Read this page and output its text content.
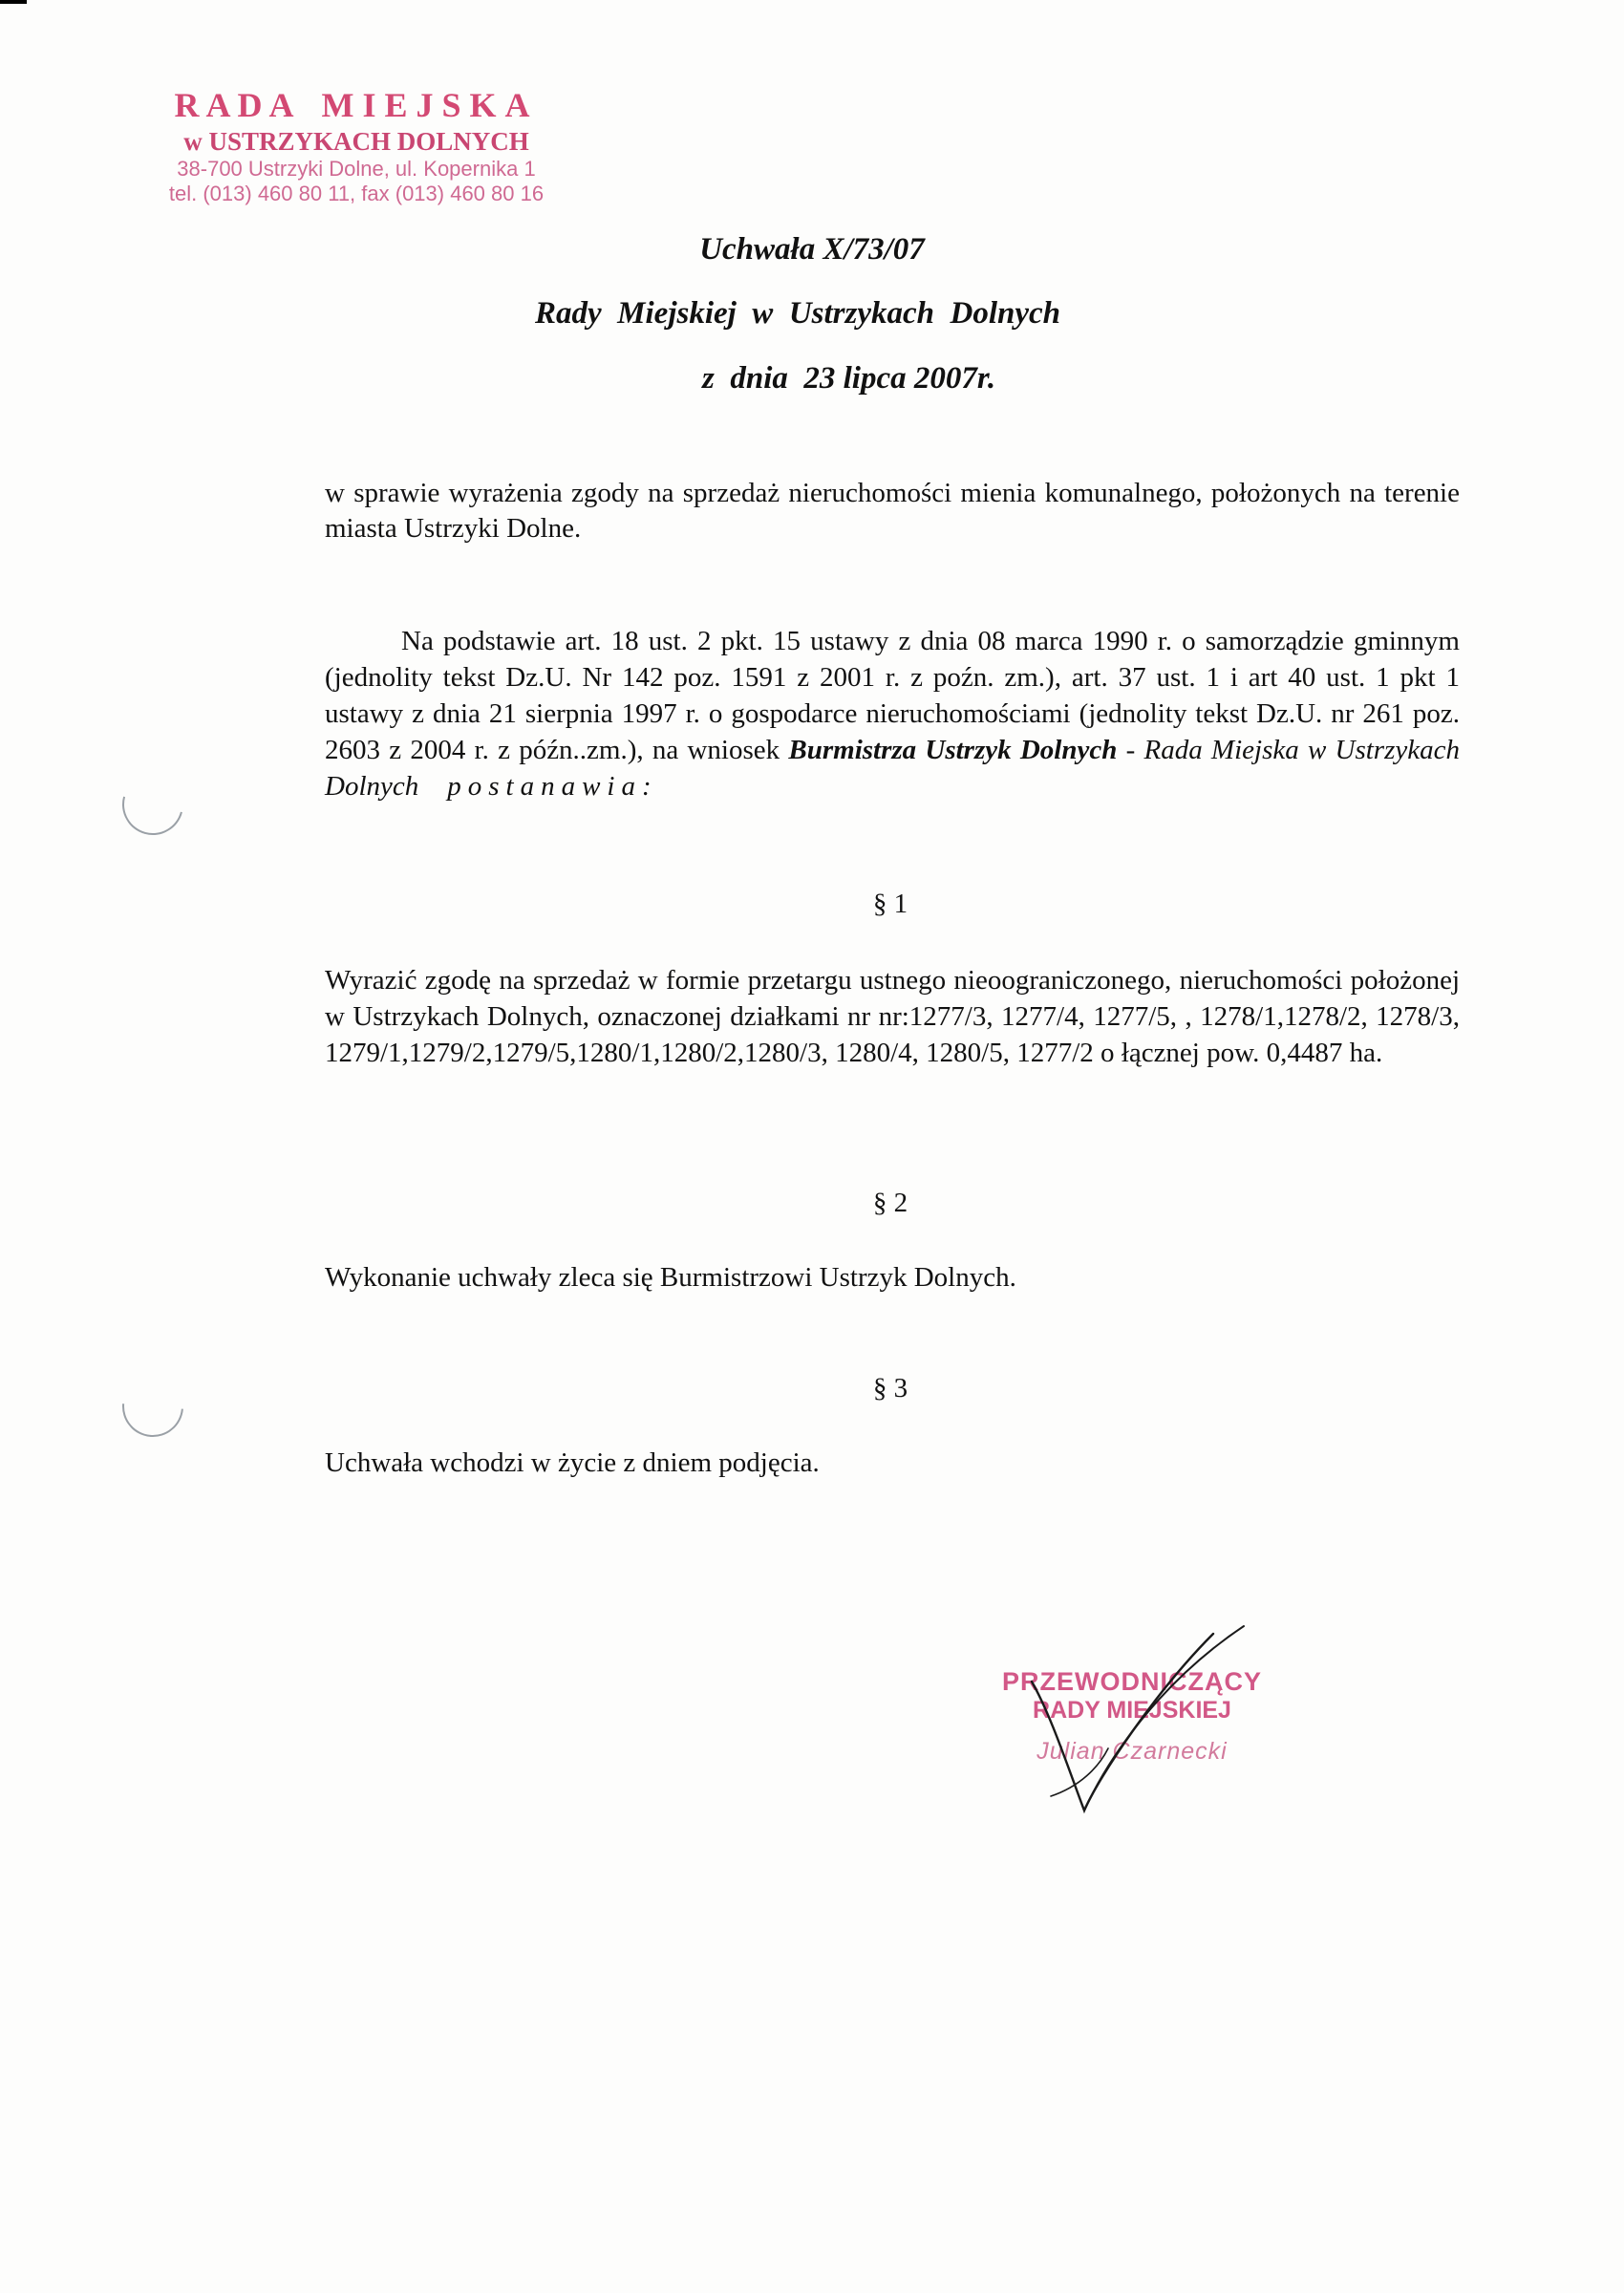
RADA MIEJSKA
w USTRZYKACH DOLNYCH
38-700 Ustrzyki Dolne, ul. Kopernika 1
tel. (013) 460 80 11, fax (013) 460 80 16
Uchwała X/73/07
Rady  Miejskiej  w  Ustrzykach  Dolnych
z  dnia  23 lipca 2007r.
w sprawie wyrażenia zgody na sprzedaż nieruchomości mienia komunalnego, położonych na terenie miasta Ustrzyki Dolne.
Na podstawie art. 18 ust. 2 pkt. 15 ustawy z dnia 08 marca 1990 r. o samorządzie gminnym (jednolity tekst Dz.U. Nr 142 poz. 1591 z 2001 r. z poźn. zm.), art. 37 ust. 1 i art 40 ust. 1 pkt 1 ustawy z dnia 21 sierpnia 1997 r. o gospodarce nieruchomościami (jednolity tekst Dz.U. nr 261 poz. 2603 z 2004 r. z późn..zm.), na wniosek Burmistrza Ustrzyk Dolnych - Rada Miejska w Ustrzykach Dolnych postanawia:
§ 1
Wyrazić zgodę na sprzedaż w formie przetargu ustnego nieoograniczonego, nieruchomości położonej w Ustrzykach Dolnych, oznaczonej działkami nr nr:1277/3, 1277/4, 1277/5, , 1278/1,1278/2, 1278/3, 1279/1,1279/2,1279/5,1280/1,1280/2,1280/3, 1280/4, 1280/5, 1277/2 o łącznej pow. 0,4487 ha.
§ 2
Wykonanie uchwały zleca się Burmistrzowi Ustrzyk Dolnych.
§ 3
Uchwała wchodzi w życie z dniem podjęcia.
PRZEWODNICZĄCY
RADY MIEJSKIEJ
Julian Czarnecki
